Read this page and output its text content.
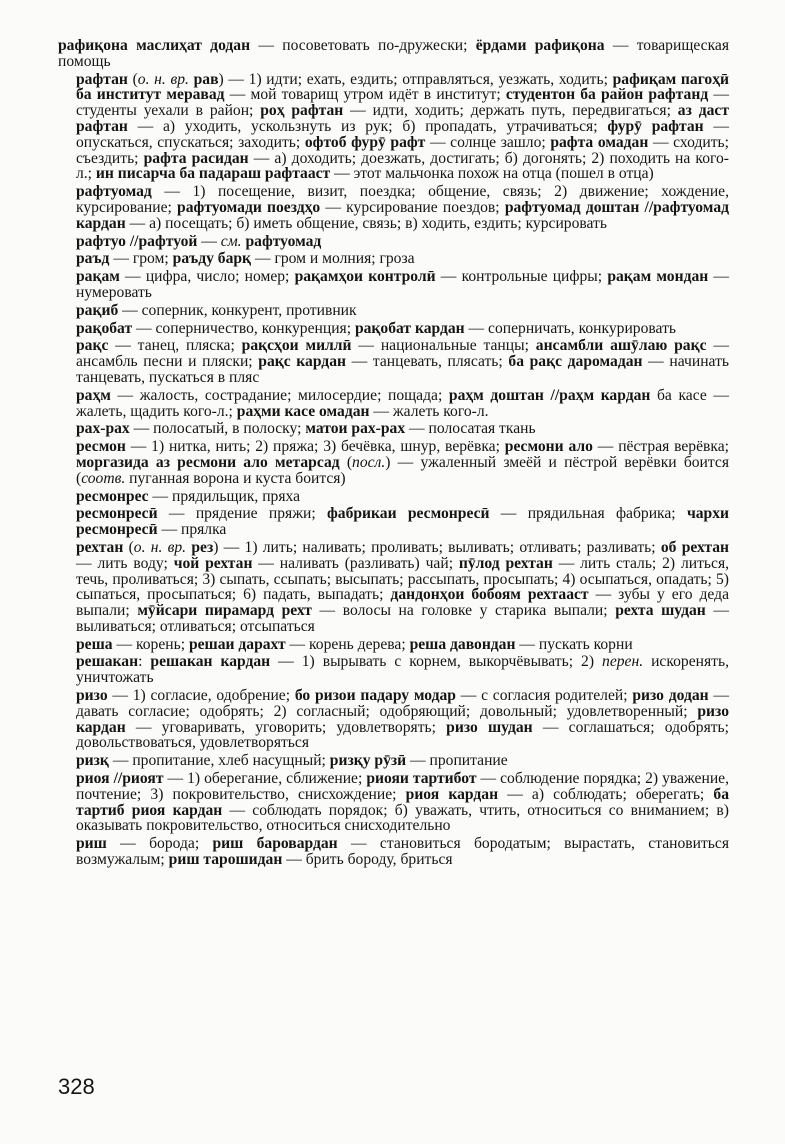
рафиқона маслиҳат додан — посоветовать по-дружески; ёрдами рафиқона — товарищеская помощь

рафтан (о. н. вр. рав) — 1) идти; ехать, ездить; отправляться, уезжать, ходить; рафиқам пагоҳӣ ба институт меравад — мой товарищ утром идёт в институт; студентон ба район рафтанд — студенты уехали в район; роҳ рафтан — идти, ходить; держать путь, передвигаться; аз даст рафтан — а) уходить, ускользнуть из рук; б) пропадать, утрачиваться; фурӯ рафтан — опускаться, спускаться; заходить; офтоб фурӯ рафт — солнце зашло; рафта омадан — сходить; съездить; рафта расидан — а) доходить; доезжать, достигать; б) догонять; 2) походить на кого-л.; ин писарча ба падараш рафтааст — этот мальчонка похож на отца (пошел в отца)

рафтуомад — 1) посещение, визит, поездка; общение, связь; 2) движение; хождение, курсирование; рафтуомади поездҳо — курсирование поездов; рафтуомад доштан //рафтуомад кардан — а) посещать; б) иметь общение, связь; в) ходить, ездить; курсировать

рафтуо //рафтуой — см. рафтуомад

раъд — гром; раъду барқ — гром и молния; гроза

рақам — цифра, число; номер; рақамҳои контролӣ — контрольные цифры; рақам мондан — нумеровать

рақиб — соперник, конкурент, противник

рақобат — соперничество, конкуренция; рақобат кардан — соперничать, конкурировать

рақс — танец, пляска; рақсҳои миллӣ — национальные танцы; ансамбли ашӯлаю рақс — ансамбль песни и пляски; рақс кардан — танцевать, плясать; ба рақс даромадан — начинать танцевать, пускаться в пляс

раҳм — жалость, сострадание; милосердие; пощада; раҳм доштан //раҳм кардан ба касе — жалеть, щадить кого-л.; раҳми касе омадан — жалеть кого-л.

рах-рах — полосатый, в полоску; матои рах-рах — полосатая ткань

ресмон — 1) нитка, нить; 2) пряжа; 3) бечёвка, шнур, верёвка; ресмони ало — пёстрая верёвка; моргазида аз ресмони ало метарсад (посл.) — ужаленный змеёй и пёстрой верёвки боится (соотв. пуганная ворона и куста боится)

ресмонрес — прядильщик, пряха

ресмонресӣ — прядение пряжи; фабрикаи ресмонресӣ — прядильная фабрика; чархи ресмонресӣ — прялка

рехтан (о. н. вр. рез) — 1) лить; наливать; проливать; выливать; отливать; разливать; об рехтан — лить воду; чой рехтан — наливать (разливать) чай; пӯлод рехтан — лить сталь; 2) литься, течь, проливаться; 3) сыпать, ссыпать; высыпать; рассыпать, просыпать; 4) осыпаться, опадать; 5) сыпаться, просыпаться; 6) падать, выпадать; дандонҳои бобоям рехтааст — зубы у его деда выпали; мӯйсари пирамард рехт — волосы на головке у старика выпали; рехта шудан — выливаться; отливаться; отсыпаться

реша — корень; решаи дарахт — корень дерева; реша давондан — пускать корни

решакан: решакан кардан — 1) вырывать с корнем, выкорчёвывать; 2) перен. искоренять, уничтожать

ризо — 1) согласие, одобрение; бо ризои падару модар — с согласия родителей; ризо додан — давать согласие; одобрять; 2) согласный; одобряющий; довольный; удовлетворенный; ризо кардан — уговаривать, уговорить; удовлетворять; ризо шудан — соглашаться; одобрять; довольствоваться, удовлетворяться

ризқ — пропитание, хлеб насущный; ризқу рӯзӣ — пропитание

риоя //риоят — 1) оберегание, сближение; риояи тартибот — соблюдение порядка; 2) уважение, почтение; 3) покровительство, снисхождение; риоя кардан — а) соблюдать; оберегать; ба тартиб риоя кардан — соблюдать порядок; б) уважать, чтить, относиться со вниманием; в) оказывать покровительство, относиться снисходительно

риш — борода; риш баровардан — становиться бородатым; вырастать, становиться возмужалым; риш тарошидан — брить бороду, бриться

328
